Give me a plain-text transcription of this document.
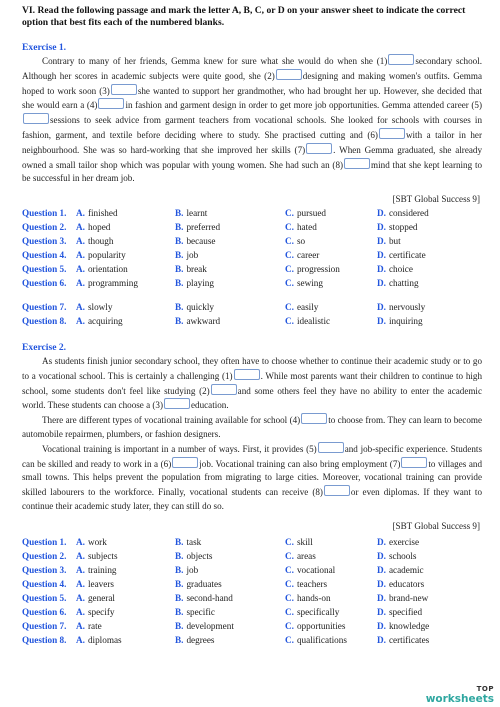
VI. Read the following passage and mark the letter A, B, C, or D on your answer sheet to indicate the correct option that best fits each of the numbered blanks.
Exercise 1.

Contrary to many of her friends, Gemma knew for sure what she would do when she (1)	secondary school. Although her scores in academic subjects were quite good, she (2)	designing and making women's outfits. Gemma hoped to work soon (3)	she wanted to support her grandmother, who had brought her up. However, she decided that she would earn a (4)	in fashion and garment design in order to get more job opportunities. Gemma attended career (5)sessions to seek advice from garment teachers from vocational schools. She looked for schools with courses in fashion, garment, and textile before deciding where to study. She practised cutting and (6)	with a tailor in her neighbourhood. She was so hard-working that she improved her skills (7)	. When Gemma graduated, she already owned a small tailor shop which was popular with young women. She had such an (8)	mind that she kept learning to be successful in her dream job.

[SBT Global Success 9]
Question 1. A. finished	B. learnt	C. pursued	D. considered
Question 2. A. hoped	B. preferred	C. hated	D. stopped
Question 3. A. though	B. because	C. so	D. but
Question 4. A. popularity	B. job	C. career	D. certificate
Question 5. A. orientation	B. break	C. progression	D. choice
Question 6. A. programming	B. playing	C. sewing	D. chatting
Question 7. A. slowly	B. quickly	C. easily	D. nervously
Question 8. A. acquiring	B. awkward	C. idealistic	D. inquiring
Exercise 2.

As students finish junior secondary school, they often have to choose whether to continue their academic study or to go to a vocational school. This is certainly a challenging (1)	. While most parents want their children to continue to high school, some students don't feel like studying (2)	and some others feel they have no ability to enter the academic world. These students can choose a (3)	education.

There are different types of vocational training available for school (4)	to choose from. They can learn to become automobile repairmen, plumbers, or fashion designers.

Vocational training is important in a number of ways. First, it provides (5)	and job-specific experience. Students can be skilled and ready to work in a (6)	job. Vocational training can also bring employment (7)	to villages and small towns. This helps prevent the population from migrating to large cities. Moreover, vocational training can provide skilled labourers to the workforce. Finally, vocational students can receive (8)	or even diplomas. If they want to continue their academic study later, they can still do so.

[SBT Global Success 9]
Question 1. A. work	B. task	C. skill	D. exercise
Question 2. A. subjects	B. objects	C. areas	D. schools
Question 3. A. training	B. job	C. vocational	D. academic
Question 4. A. leavers	B. graduates	C. teachers	D. educators
Question 5. A. general	B. second-hand	C. hands-on	D. brand-new
Question 6. A. specify	B. specific	C. specifically	D. specified
Question 7. A. rate	B. development	C. opportunities	D. knowledge
Question 8. A. diplomas	B. degrees	C. qualifications	D. certificates
TOP
worksheets
